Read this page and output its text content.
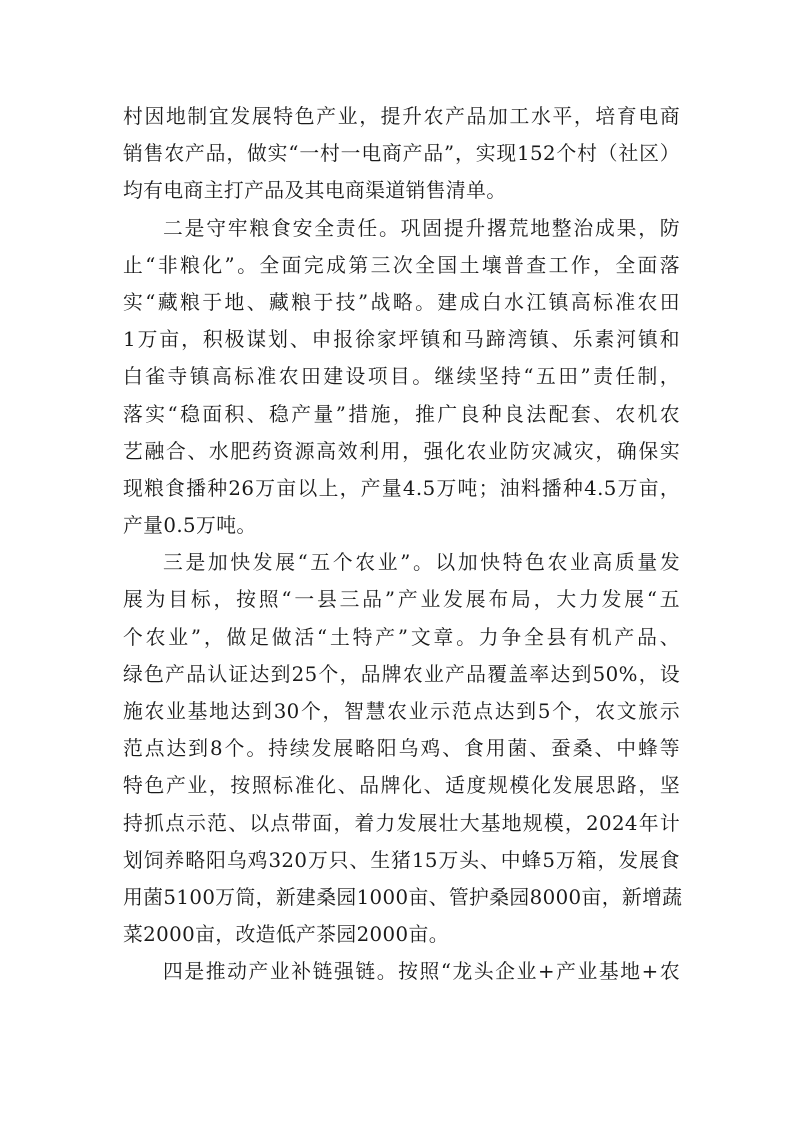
村因地制宜发展特色产业，提升农产品加工水平，培育电商
销售农产品，做实“一村一电商产品”，实现152个村（社区）
均有电商主打产品及其电商渠道销售清单。
二是守牢粮食安全责任。巩固提升撂荒地整治成果，防
止“非粮化”。全面完成第三次全国土壤普查工作，全面落
实“藏粮于地、藏粮于技”战略。建成白水江镇高标准农田
1万亩，积极谋划、申报徐家坪镇和马蹄湾镇、乐素河镇和
白雀寺镇高标准农田建设项目。继续坚持“五田”责任制，
落实“稳面积、稳产量”措施，推广良种良法配套、农机农
艺融合、水肥药资源高效利用，强化农业防灾减灾，确保实
现粮食播种26万亩以上，产量4.5万吨；油料播种4.5万亩，
产量0.5万吨。
三是加快发展“五个农业”。以加快特色农业高质量发
展为目标，按照“一县三品”产业发展布局，大力发展“五
个农业”，做足做活“土特产”文章。力争全县有机产品、
绿色产品认证达到25个，品牌农业产品覆盖率达到50%，设
施农业基地达到30个，智慧农业示范点达到5个，农文旅示
范点达到8个。持续发展略阳乌鸡、食用菌、蚕桑、中蜂等
特色产业，按照标准化、品牌化、适度规模化发展思路，坚
持抓点示范、以点带面，着力发展壮大基地规模，2024年计
划饲养略阳乌鸡320万只、生猪15万头、中蜂5万箱，发展食
用菌5100万筒，新建桑园1000亩、管护桑园8000亩，新增蔬
菜2000亩，改造低产茶园2000亩。
四是推动产业补链强链。按照“龙头企业+产业基地+农
